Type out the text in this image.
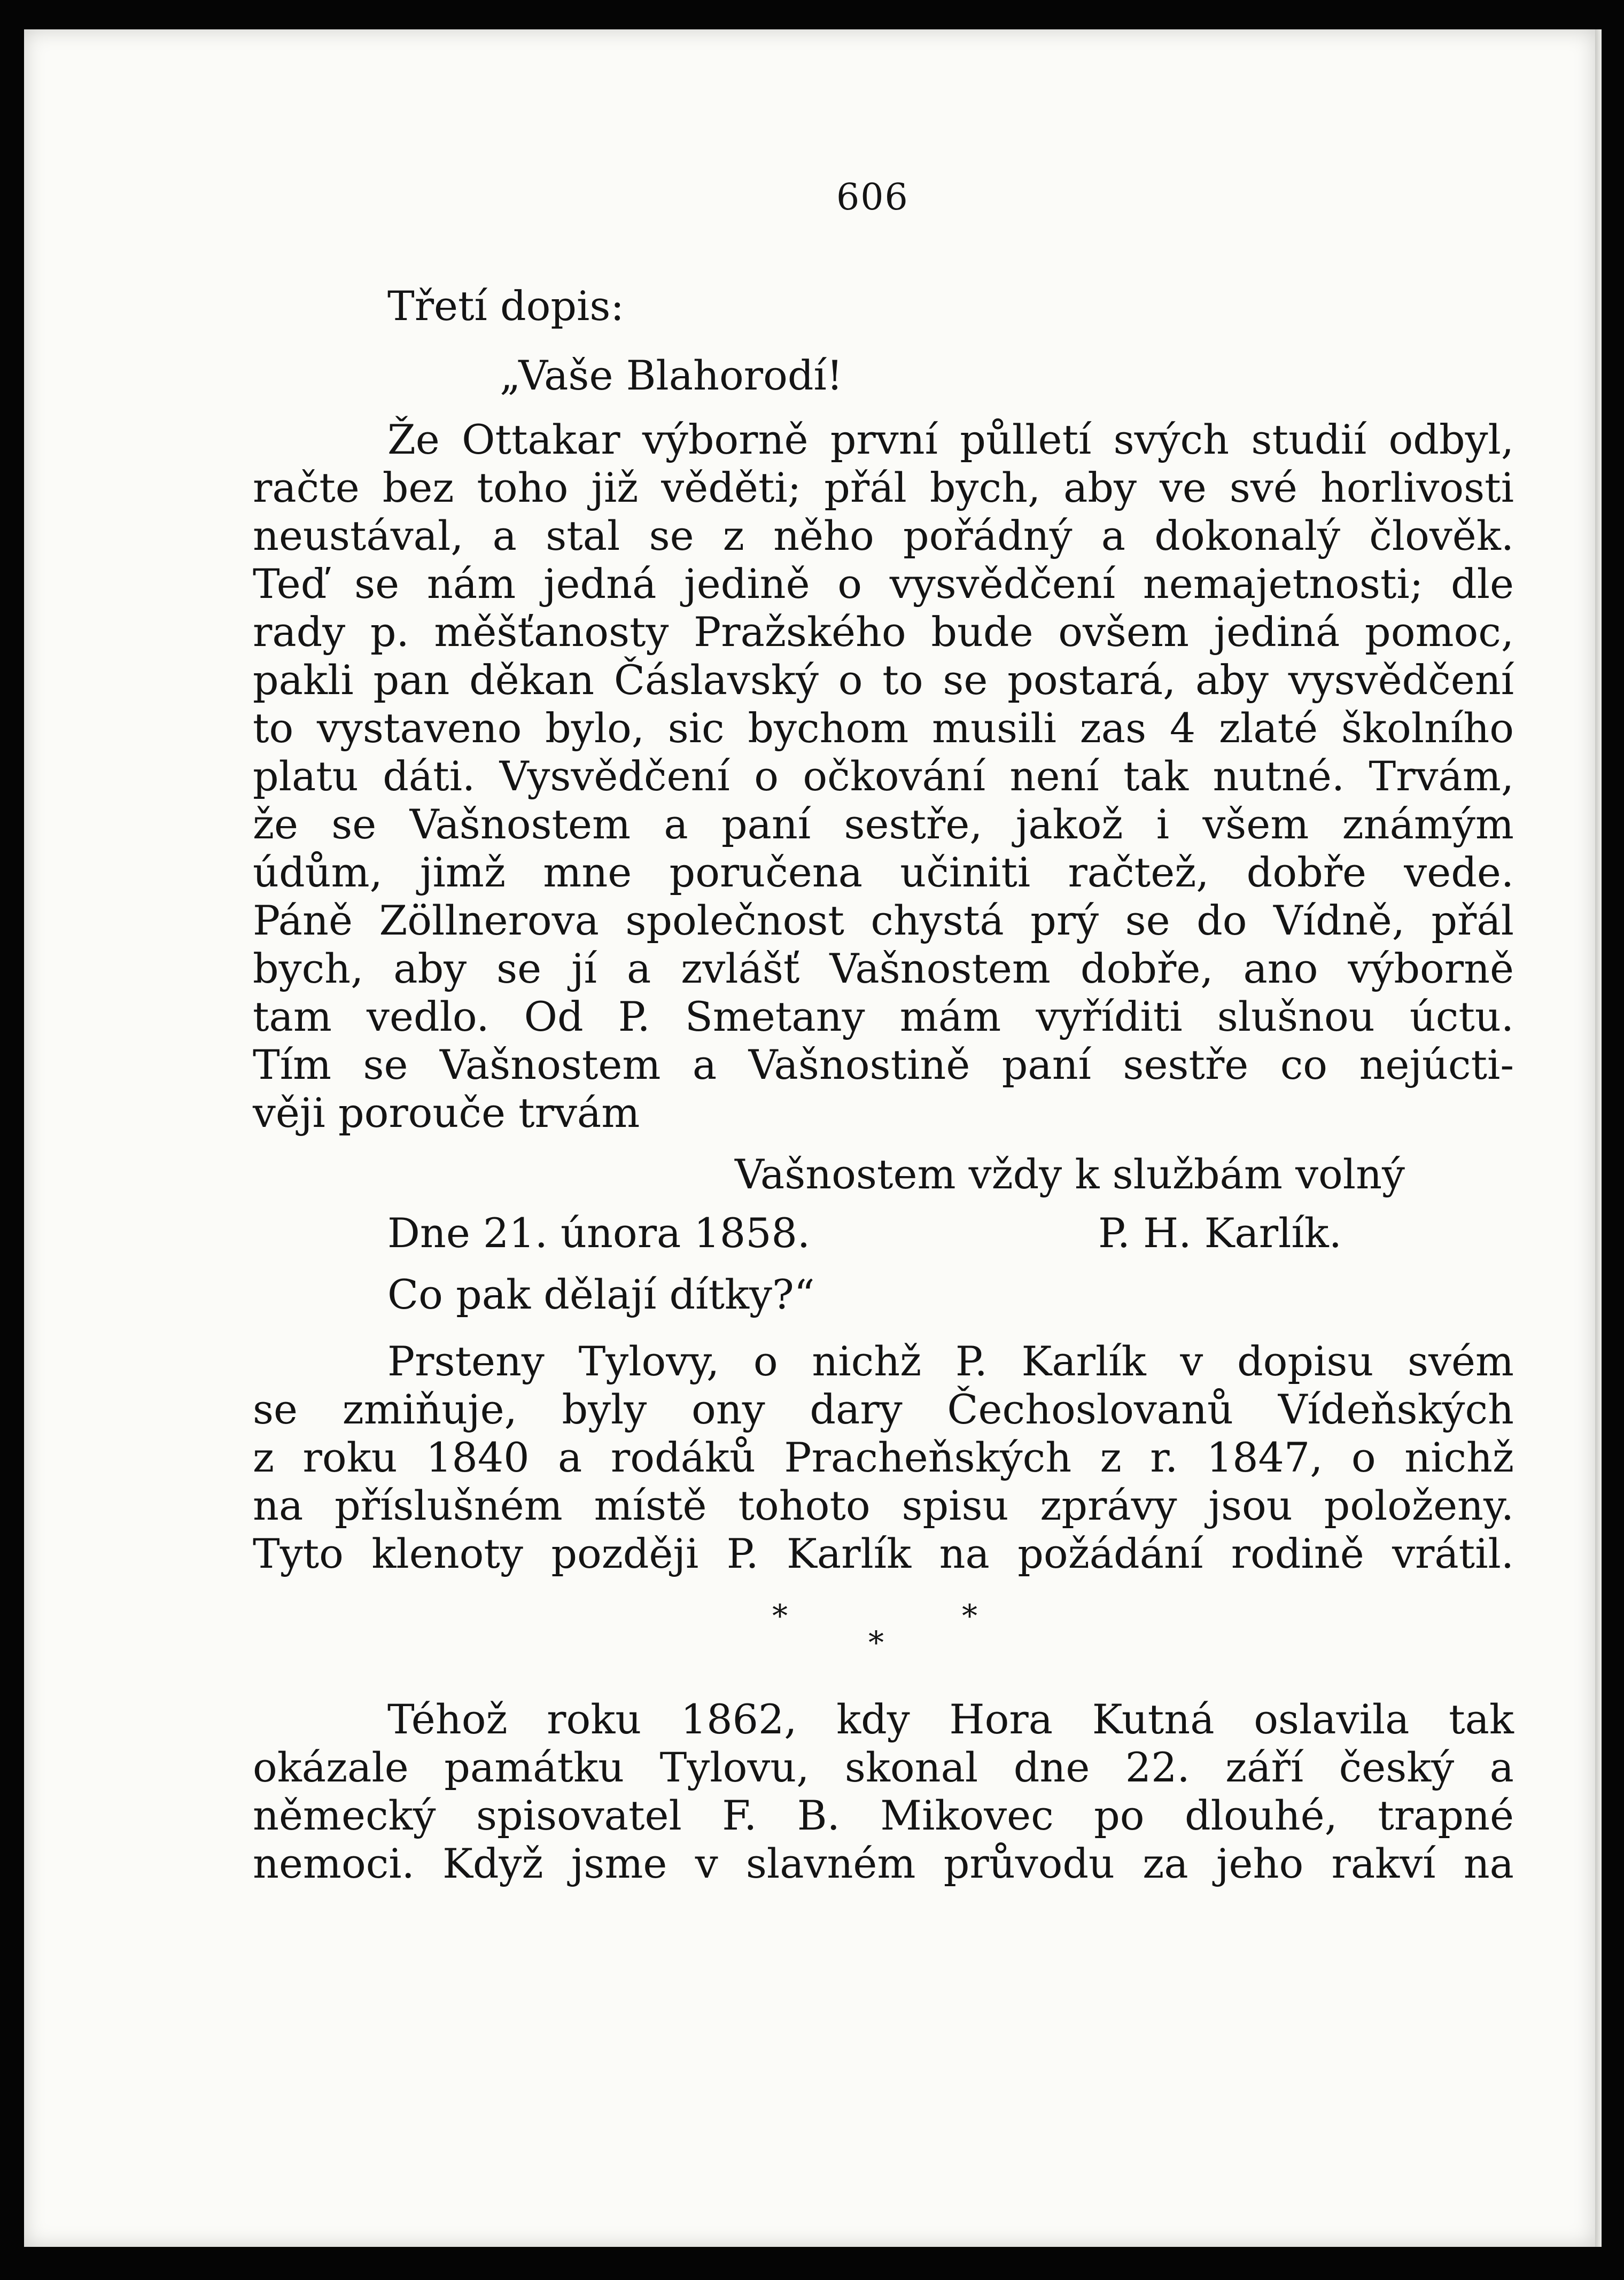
606
Třetí dopis:
„Vaše Blahorodí!
Že Ottakar výborně první půlletí svých studií odbyl,
račte bez toho již věděti; přál bych, aby ve své horlivosti
neustával, a stal se z něho pořádný a dokonalý člověk.
Teď se nám jedná jedině o vysvědčení nemajetnosti; dle
rady p. měšťanosty Pražského bude ovšem jediná pomoc,
pakli pan děkan Čáslavský o to se postará, aby vysvědčení
to vystaveno bylo, sic bychom musili zas 4 zlaté školního
platu dáti. Vysvědčení o očkování není tak nutné. Trvám,
že se Vašnostem a paní sestře, jakož i všem známým
údům, jimž mne poručena učiniti račtež, dobře vede.
Páně Zöllnerova společnost chystá prý se do Vídně, přál
bych, aby se jí a zvlášť Vašnostem dobře, ano výborně
tam vedlo. Od P. Smetany mám vyříditi slušnou úctu.
Tím se Vašnostem a Vašnostině paní sestře co nejúcti-
věji porouče trvám
Vašnostem vždy k službám volný
Dne 21. února 1858.	P. H. Karlík.
Co pak dělají dítky?“
Prsteny Tylovy, o nichž P. Karlík v dopisu svém
se zmiňuje, byly ony dary Čechoslovanů Vídeňských
z roku 1840 a rodáků Pracheňských z r. 1847, o nichž
na příslušném místě tohoto spisu zprávy jsou položeny.
Tyto klenoty později P. Karlík na požádání rodině vrátil.
*
*
*
Téhož roku 1862, kdy Hora Kutná oslavila tak
okázale památku Tylovu, skonal dne 22. září český a
německý spisovatel F. B. Mikovec po dlouhé, trapné
nemoci. Když jsme v slavném průvodu za jeho rakví na
